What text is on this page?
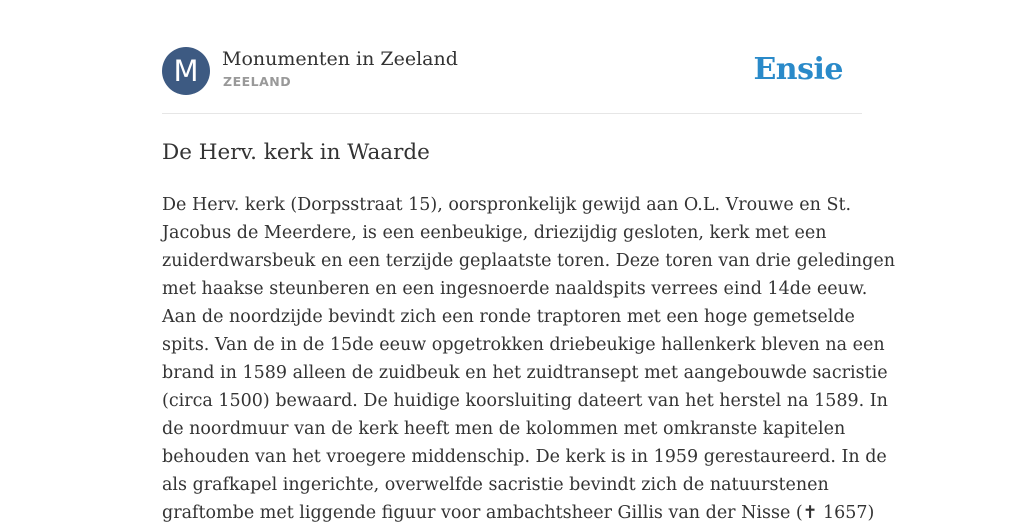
M	Monumenten in Zeeland
ZEELAND	Ensie
De Herv. kerk in Waarde
De Herv. kerk (Dorpsstraat 15), oorspronkelijk gewijd aan O.L. Vrouwe en St.
Jacobus de Meerdere, is een eenbeukige, driezijdig gesloten, kerk met een
zuiderdwarsbeuk en een terzijde geplaatste toren. Deze toren van drie geledingen
met haakse steunberen en een ingesnoerde naaldspits verrees eind 14de eeuw.
Aan de noordzijde bevindt zich een ronde traptoren met een hoge gemetselde
spits. Van de in de 15de eeuw opgetrokken driebeukige hallenkerk bleven na een
brand in 1589 alleen de zuidbeuk en het zuidtransept met aangebouwde sacristie
(circa 1500) bewaard. De huidige koorsluiting dateert van het herstel na 1589. In
de noordmuur van de kerk heeft men de kolommen met omkranste kapitelen
behouden van het vroegere middenschip. De kerk is in 1959 gerestaureerd. In de
als grafkapel ingerichte, overwelfde sacristie bevindt zich de natuurstenen
graftombe met liggende figuur voor ambachtsheer Gillis van der Nisse (✝ 1657)
